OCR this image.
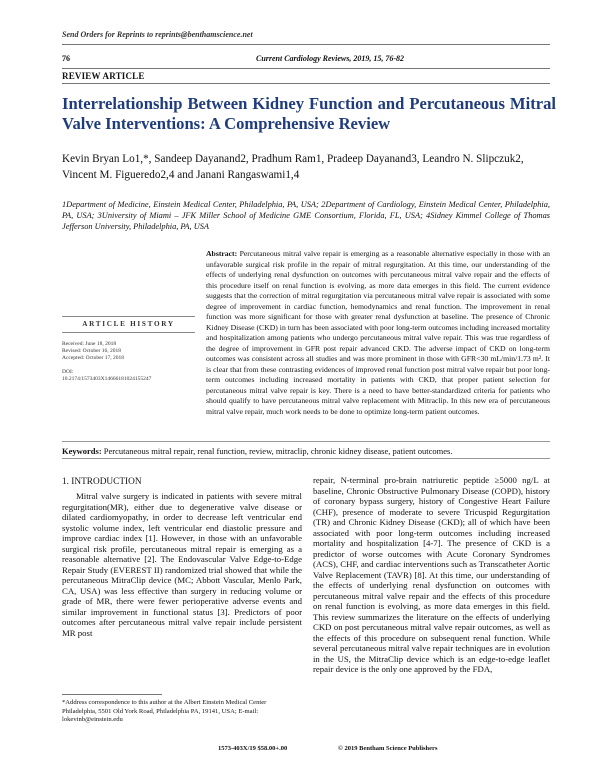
Send Orders for Reprints to reprints@benthamscience.net
76	Current Cardiology Reviews, 2019, 15, 76-82
REVIEW ARTICLE
Interrelationship Between Kidney Function and Percutaneous Mitral Valve Interventions: A Comprehensive Review
Kevin Bryan Lo1,*, Sandeep Dayanand2, Pradhum Ram1, Pradeep Dayanand3, Leandro N. Slipczuk2, Vincent M. Figueredo2,4 and Janani Rangaswami1,4
1Department of Medicine, Einstein Medical Center, Philadelphia, PA, USA; 2Department of Cardiology, Einstein Medical Center, Philadelphia, PA, USA; 3University of Miami – JFK Miller School of Medicine GME Consortium, Florida, FL, USA; 4Sidney Kimmel College of Thomas Jefferson University, Philadelphia, PA, USA
ARTICLE HISTORY
Received: June 18, 2018
Revised: October 16, 2018
Accepted: October 17, 2018
DOI:
10.2174/1573403X14666181024155247
Abstract: Percutaneous mitral valve repair is emerging as a reasonable alternative especially in those with an unfavorable surgical risk profile in the repair of mitral regurgitation. At this time, our understanding of the effects of underlying renal dysfunction on outcomes with percutaneous mitral valve repair and the effects of this procedure itself on renal function is evolving, as more data emerges in this field. The current evidence suggests that the correction of mitral regurgitation via percutaneous mitral valve repair is associated with some degree of improvement in cardiac function, hemodynamics and renal function. The improvement in renal function was more significant for those with greater renal dysfunction at baseline. The presence of Chronic Kidney Disease (CKD) in turn has been associated with poor long-term outcomes including increased mortality and hospitalization among patients who undergo percutaneous mitral valve repair. This was true regardless of the degree of improvement in GFR post repair advanced CKD. The adverse impact of CKD on long-term outcomes was consistent across all studies and was more prominent in those with GFR<30 mL/min/1.73 m². It is clear that from these contrasting evidences of improved renal function post mitral valve repair but poor long-term outcomes including increased mortality in patients with CKD, that proper patient selection for percutaneous mitral valve repair is key. There is a need to have better-standardized criteria for patients who should qualify to have percutaneous mitral valve replacement with Mitraclip. In this new era of percutaneous mitral valve repair, much work needs to be done to optimize long-term patient outcomes.
Keywords: Percutaneous mitral repair, renal function, review, mitraclip, chronic kidney disease, patient outcomes.
1. INTRODUCTION

Mitral valve surgery is indicated in patients with severe mitral regurgitation(MR), either due to degenerative valve disease or dilated cardiomyopathy, in order to decrease left ventricular end systolic volume index, left ventricular end diastolic pressure and improve cardiac index [1]. However, in those with an unfavorable surgical risk profile, percutaneous mitral repair is emerging as a reasonable alternative [2]. The Endovascular Valve Edge-to-Edge Repair Study (EVEREST II) randomized trial showed that while the percutaneous MitraClip device (MC; Abbott Vascular, Menlo Park, CA, USA) was less effective than surgery in reducing volume or grade of MR, there were fewer perioperative adverse events and similar improvement in functional status [3]. Predictors of poor outcomes after percutaneous mitral valve repair include persistent MR post

repair, N-terminal pro-brain natriuretic peptide ≥5000 ng/L at baseline, Chronic Obstructive Pulmonary Disease (COPD), history of coronary bypass surgery, history of Congestive Heart Failure (CHF), presence of moderate to severe Tricuspid Regurgitation (TR) and Chronic Kidney Disease (CKD); all of which have been associated with poor long-term outcomes including increased mortality and hospitalization [4-7]. The presence of CKD is a predictor of worse outcomes with Acute Coronary Syndromes (ACS), CHF, and cardiac interventions such as Transcatheter Aortic Valve Replacement (TAVR) [8]. At this time, our understanding of the effects of underlying renal dysfunction on outcomes with percutaneous mitral valve repair and the effects of this procedure on renal function is evolving, as more data emerges in this field. This review summarizes the literature on the effects of underlying CKD on post percutaneous mitral valve repair outcomes, as well as the effects of this procedure on subsequent renal function. While several percutaneous mitral valve repair techniques are in evolution in the US, the MitraClip device which is an edge-to-edge leaflet repair device is the only one approved by the FDA,

*Address correspondence to this author at the Albert Einstein Medical Center Philadelphia, 5501 Old York Road, Philadelphia PA, 19141, USA; E-mail: lokevinb@einstein.edu
1573-403X/19 $58.00+.00	© 2019 Bentham Science Publishers
